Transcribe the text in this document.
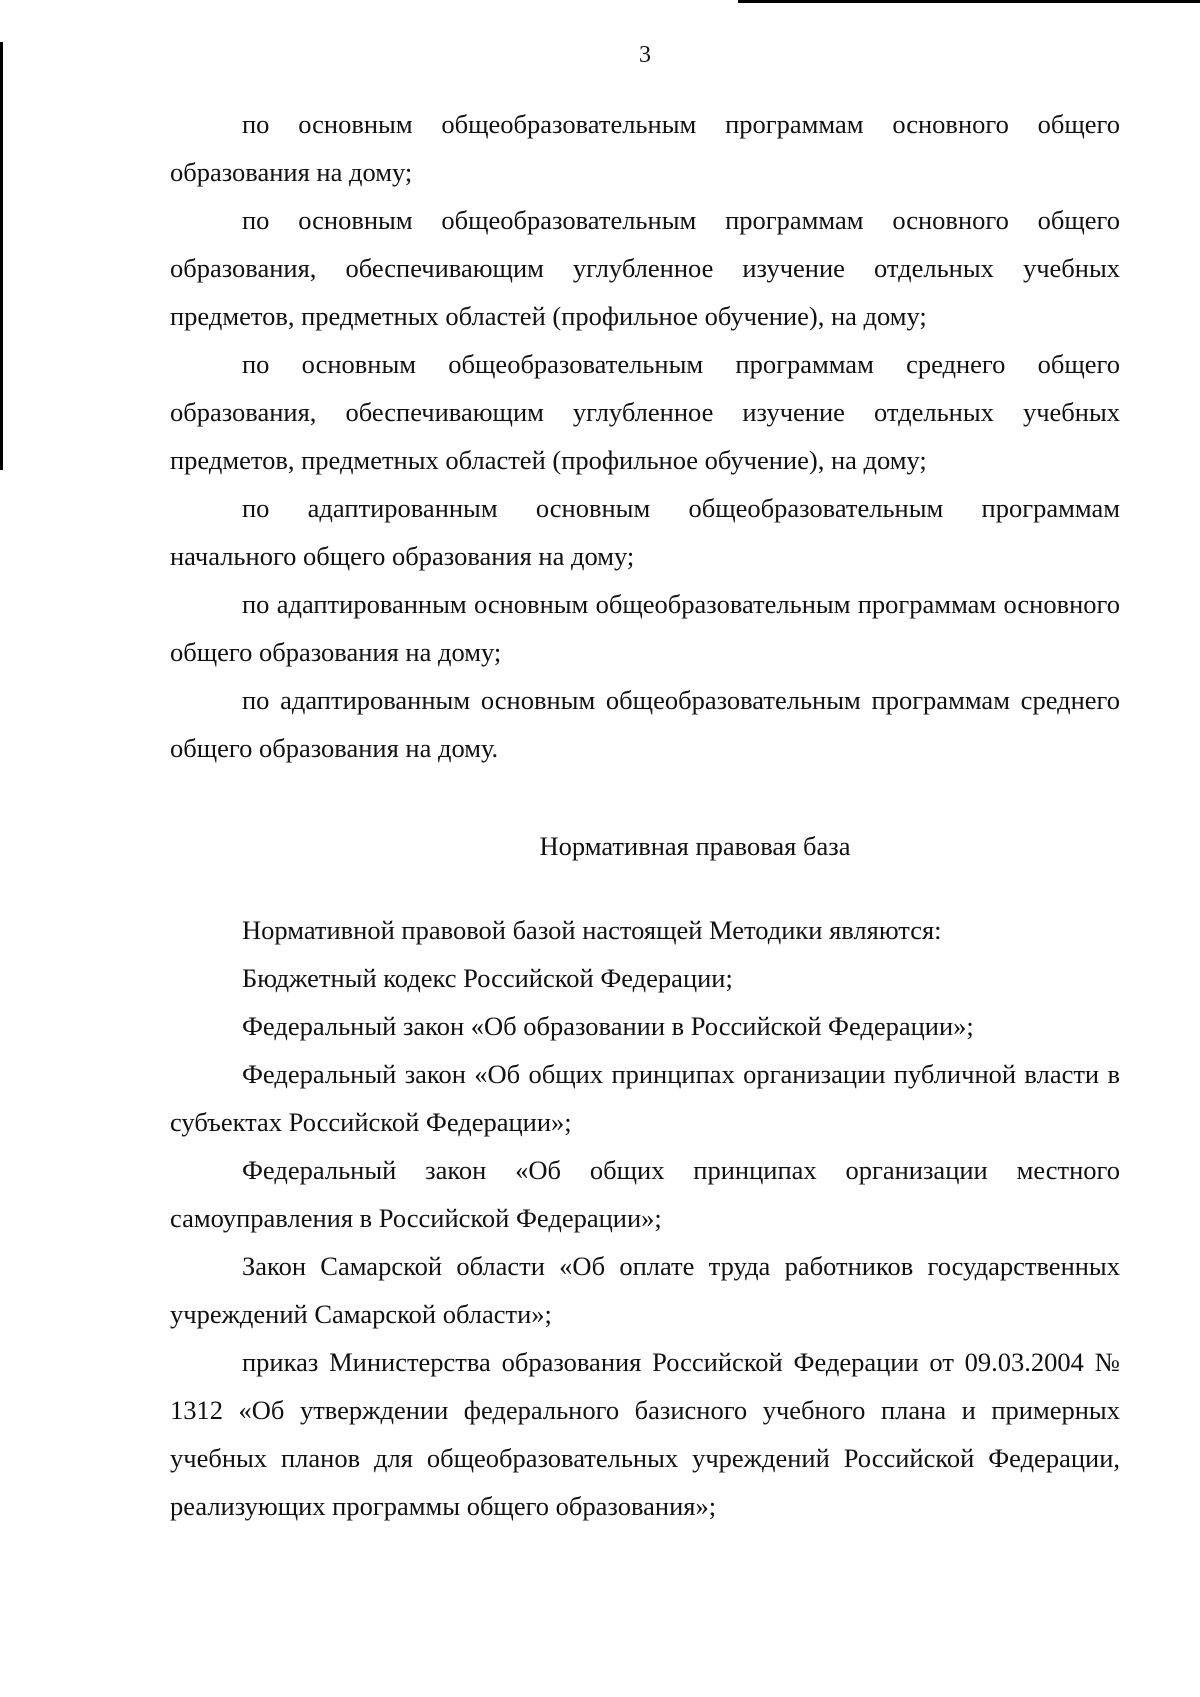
3

по основным общеобразовательным программам основного общего образования на дому;

по основным общеобразовательным программам основного общего образования, обеспечивающим углубленное изучение отдельных учебных предметов, предметных областей (профильное обучение), на дому;

по основным общеобразовательным программам среднего общего образования, обеспечивающим углубленное изучение отдельных учебных предметов, предметных областей (профильное обучение), на дому;

по адаптированным основным общеобразовательным программам начального общего образования на дому;

по адаптированным основным общеобразовательным программам основного общего образования на дому;

по адаптированным основным общеобразовательным программам среднего общего образования на дому.

Нормативная правовая база

Нормативной правовой базой настоящей Методики являются:

Бюджетный кодекс Российской Федерации;

Федеральный закон «Об образовании в Российской Федерации»;

Федеральный закон «Об общих принципах организации публичной власти в субъектах Российской Федерации»;

Федеральный закон «Об общих принципах организации местного самоуправления в Российской Федерации»;

Закон Самарской области «Об оплате труда работников государственных учреждений Самарской области»;

приказ Министерства образования Российской Федерации от 09.03.2004 № 1312 «Об утверждении федерального базисного учебного плана и примерных учебных планов для общеобразовательных учреждений Российской Федерации, реализующих программы общего образования»;
